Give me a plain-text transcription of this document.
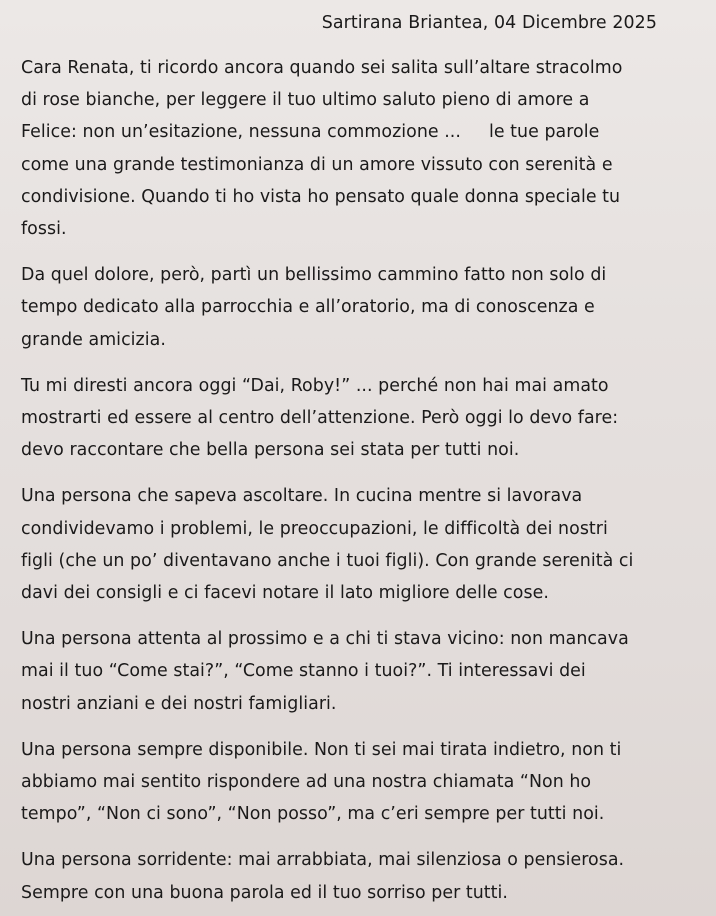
Sartirana Briantea, 04 Dicembre 2025

Cara Renata, ti ricordo ancora quando sei salita sull’altare stracolmo
di rose bianche, per leggere il tuo ultimo saluto pieno di amore a
Felice: non un’esitazione, nessuna commozione ... le tue parole
come una grande testimonianza di un amore vissuto con serenità e
condivisione. Quando ti ho vista ho pensato quale donna speciale tu
fossi.

Da quel dolore, però, partì un bellissimo cammino fatto non solo di
tempo dedicato alla parrocchia e all’oratorio, ma di conoscenza e
grande amicizia.

Tu mi diresti ancora oggi “Dai, Roby!” ... perché non hai mai amato
mostrarti ed essere al centro dell’attenzione. Però oggi lo devo fare:
devo raccontare che bella persona sei stata per tutti noi.

Una persona che sapeva ascoltare. In cucina mentre si lavorava
condividevamo i problemi, le preoccupazioni, le difficoltà dei nostri
figli (che un po’ diventavano anche i tuoi figli). Con grande serenità ci
davi dei consigli e ci facevi notare il lato migliore delle cose.

Una persona attenta al prossimo e a chi ti stava vicino: non mancava
mai il tuo “Come stai?”, “Come stanno i tuoi?”. Ti interessavi dei
nostri anziani e dei nostri famigliari.

Una persona sempre disponibile. Non ti sei mai tirata indietro, non ti
abbiamo mai sentito rispondere ad una nostra chiamata “Non ho
tempo”, “Non ci sono”, “Non posso”, ma c’eri sempre per tutti noi.

Una persona sorridente: mai arrabbiata, mai silenziosa o pensierosa.
Sempre con una buona parola ed il tuo sorriso per tutti.
